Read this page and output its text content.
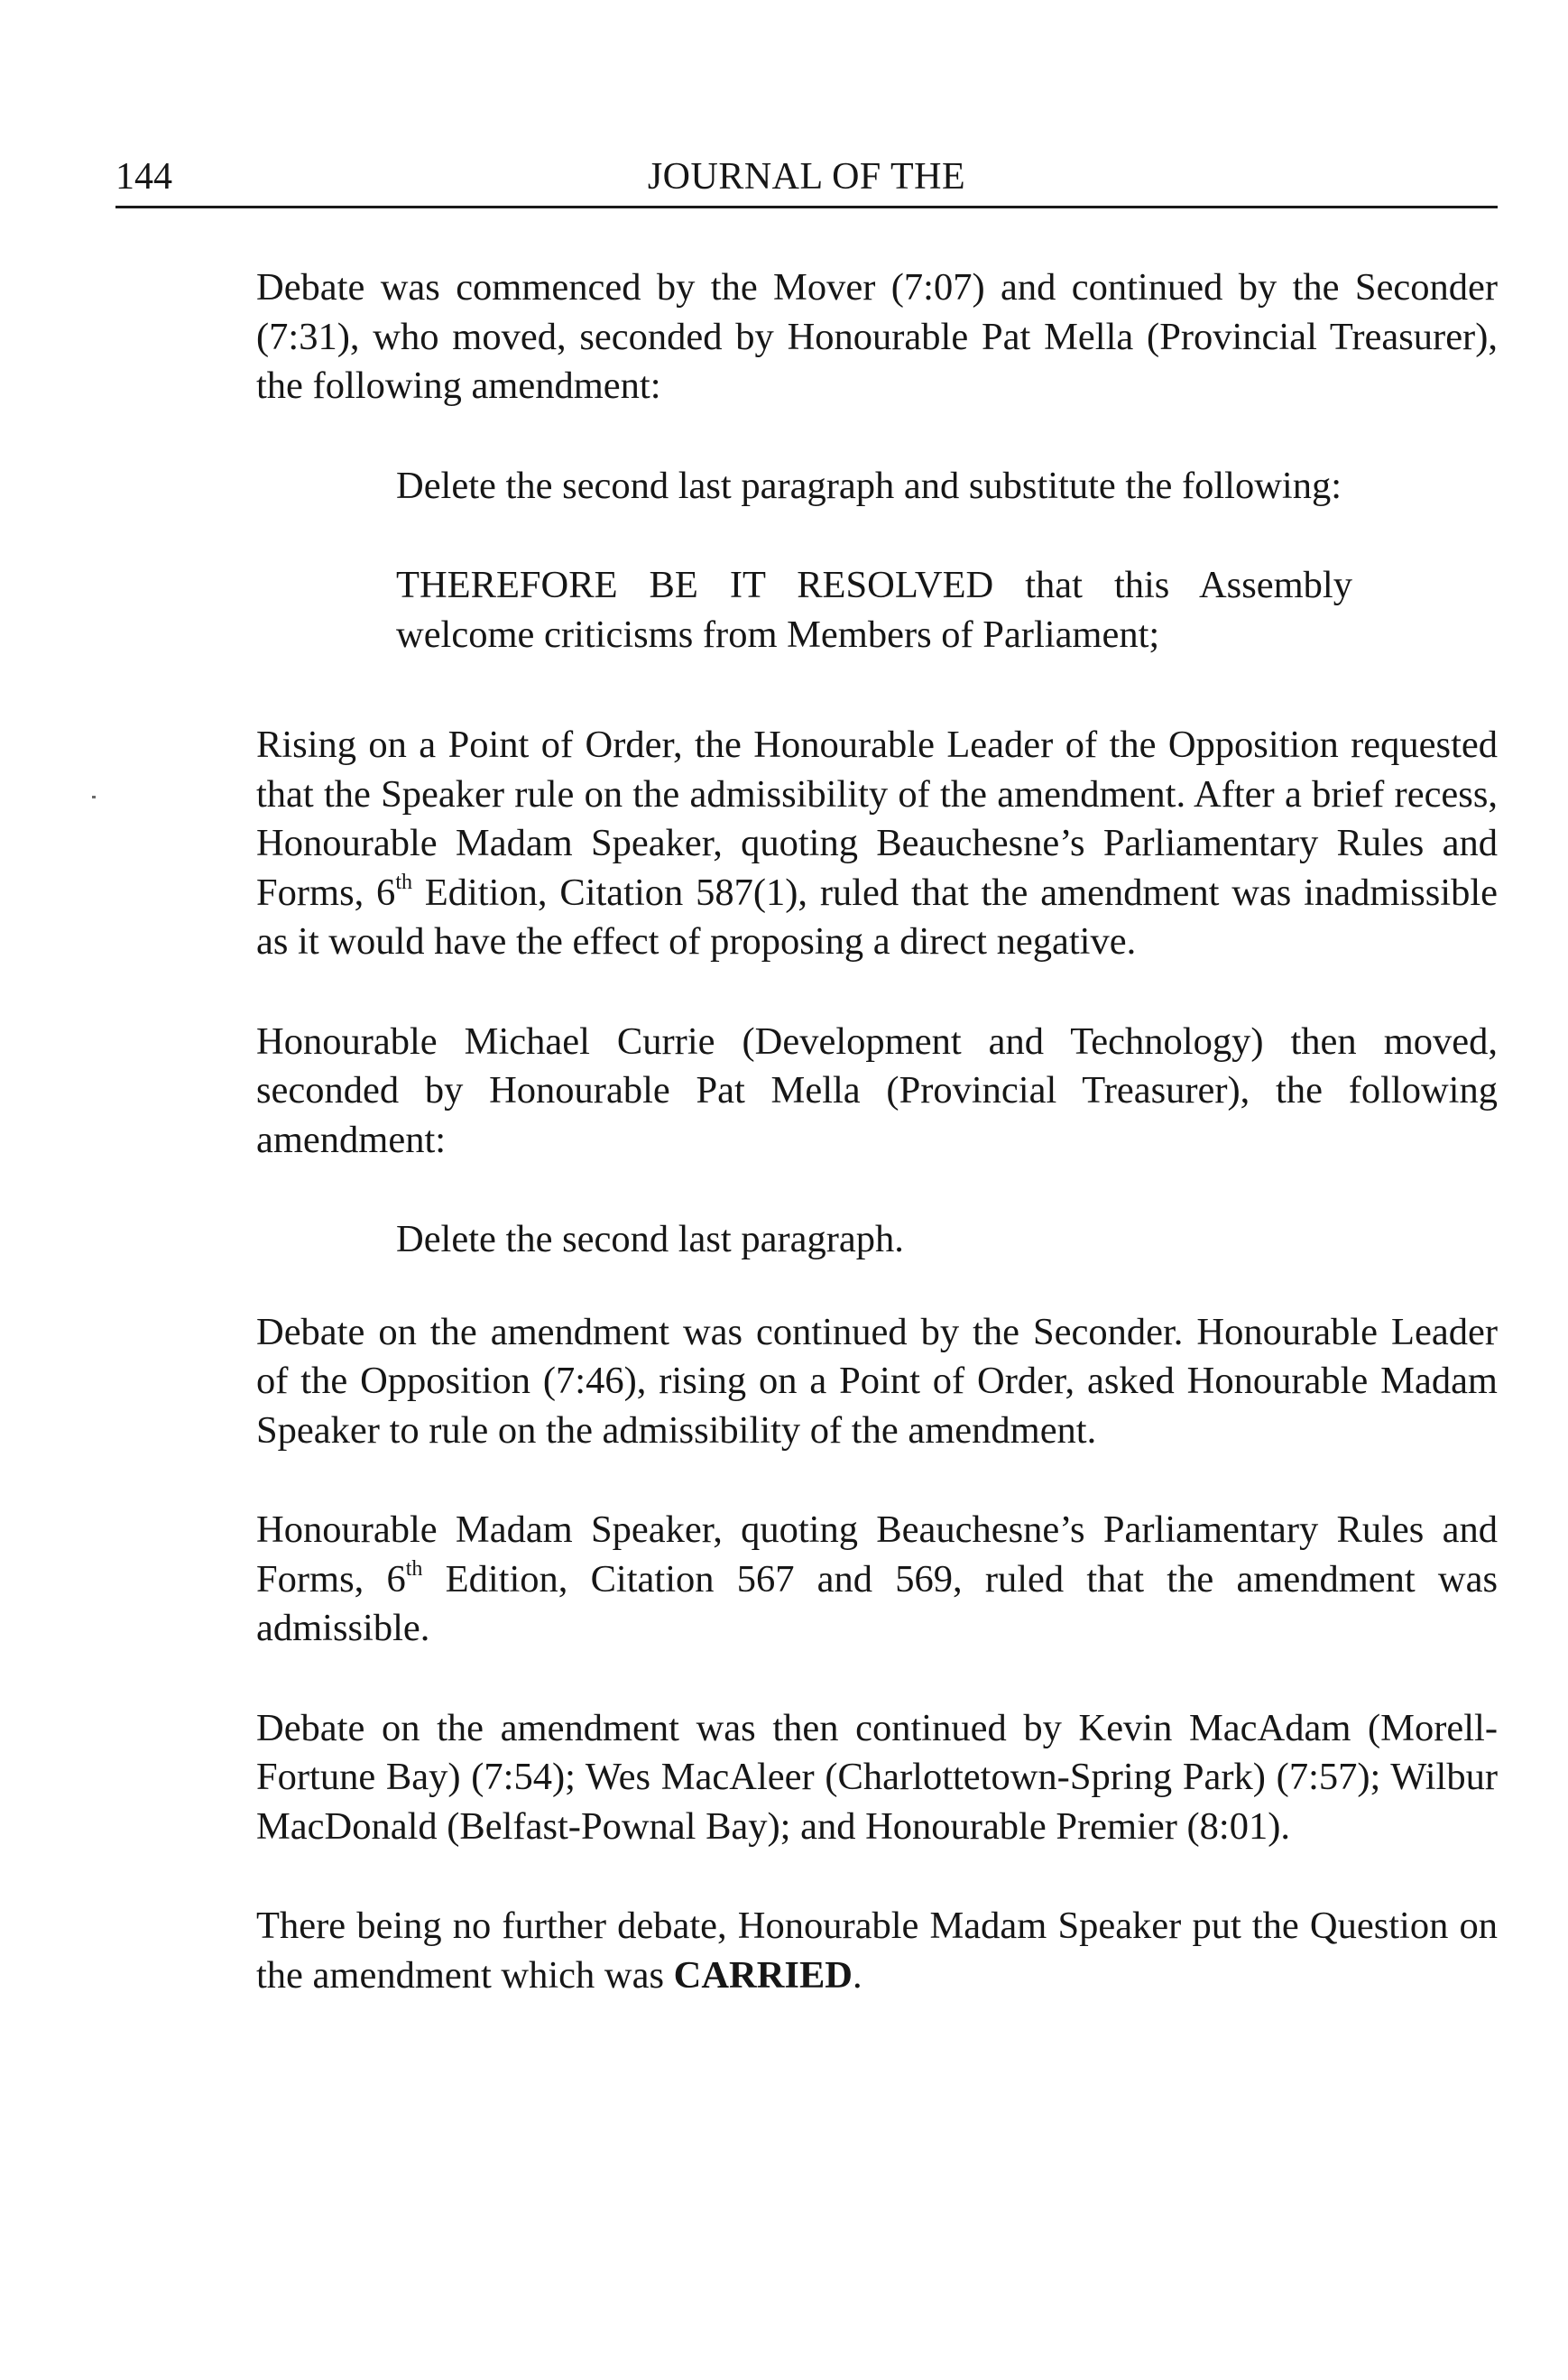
144	JOURNAL OF THE

Debate was commenced by the Mover (7:07) and continued by the Seconder (7:31), who moved, seconded by Honourable Pat Mella (Provincial Treasurer), the following amendment:

Delete the second last paragraph and substitute the following:

THEREFORE BE IT RESOLVED that this Assembly welcome criticisms from Members of Parliament;

Rising on a Point of Order, the Honourable Leader of the Opposition requested that the Speaker rule on the admissibility of the amendment. After a brief recess, Honourable Madam Speaker, quoting Beauchesne’s Parliamentary Rules and Forms, 6th Edition, Citation 587(1), ruled that the amendment was inadmissible as it would have the effect of proposing a direct negative.

Honourable Michael Currie (Development and Technology) then moved, seconded by Honourable Pat Mella (Provincial Treasurer), the following amendment:

Delete the second last paragraph.

Debate on the amendment was continued by the Seconder. Honourable Leader of the Opposition (7:46), rising on a Point of Order, asked Honourable Madam Speaker to rule on the admissibility of the amendment.

Honourable Madam Speaker, quoting Beauchesne’s Parliamentary Rules and Forms, 6th Edition, Citation 567 and 569, ruled that the amendment was admissible.

Debate on the amendment was then continued by Kevin MacAdam (Morell-Fortune Bay) (7:54); Wes MacAleer (Charlottetown-Spring Park) (7:57); Wilbur MacDonald (Belfast-Pownal Bay); and Honourable Premier (8:01).

There being no further debate, Honourable Madam Speaker put the Question on the amendment which was CARRIED.
